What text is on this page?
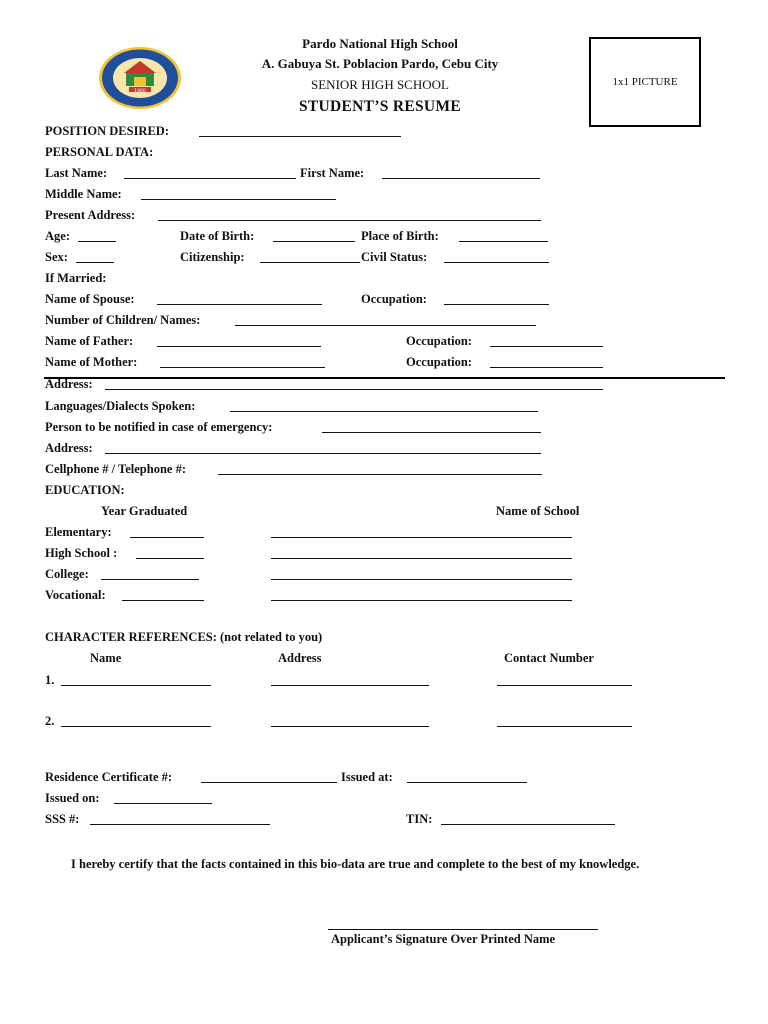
1960
Pardo National High School
A. Gabuya St. Poblacion Pardo, Cebu City
SENIOR HIGH SCHOOL
STUDENT’S RESUME
1x1 PICTURE
POSITION DESIRED:
PERSONAL DATA:
Last Name:	First Name:
Middle Name:
Present Address:
Age:	Date of Birth:	Place of Birth:
Sex:	Citizenship:	Civil Status:
If Married:
Name of Spouse:	Occupation:
Number of Children/ Names:
Name of Father:	Occupation:
Name of Mother:	Occupation:
Address:
Languages/Dialects Spoken:
Person to be notified in case of emergency:
Address:
Cellphone # / Telephone #:
EDUCATION:
Year Graduated	Name of School
Elementary:
High School :
College:
Vocational:
CHARACTER REFERENCES: (not related to you)
Name	Address	Contact Number
1.
2.
Residence Certificate #:	Issued at:
Issued on:
SSS #:	TIN:
I hereby certify that the facts contained in this bio-data are true and complete to the best of my knowledge.
Applicant’s Signature Over Printed Name
